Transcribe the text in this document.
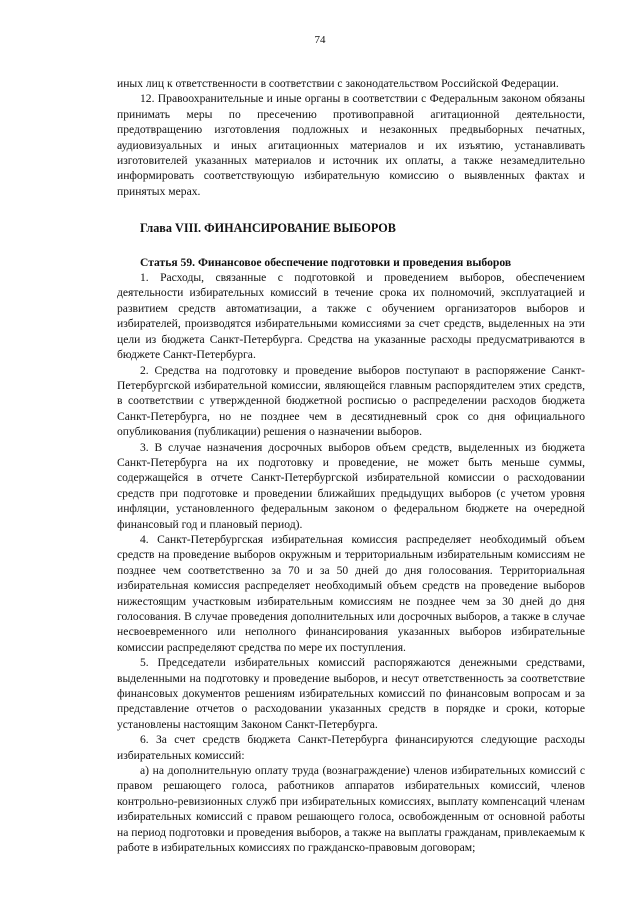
74

иных лиц к ответственности в соответствии с законодательством Российской Федерации.

12. Правоохранительные и иные органы в соответствии с Федеральным законом обязаны принимать меры по пресечению противоправной агитационной деятельности, предотвращению изготовления подложных и незаконных предвыборных печатных, аудиовизуальных и иных агитационных материалов и их изъятию, устанавливать изготовителей указанных материалов и источник их оплаты, а также незамедлительно информировать соответствующую избирательную комиссию о выявленных фактах и принятых мерах.

Глава VIII. ФИНАНСИРОВАНИЕ ВЫБОРОВ
Статья 59. Финансовое обеспечение подготовки и проведения выборов

1. Расходы, связанные с подготовкой и проведением выборов, обеспечением деятельности избирательных комиссий в течение срока их полномочий, эксплуатацией и развитием средств автоматизации, а также с обучением организаторов выборов и избирателей, производятся избирательными комиссиями за счет средств, выделенных на эти цели из бюджета Санкт-Петербурга. Средства на указанные расходы предусматриваются в бюджете Санкт-Петербурга.

2. Средства на подготовку и проведение выборов поступают в распоряжение Санкт-Петербургской избирательной комиссии, являющейся главным распорядителем этих средств, в соответствии с утвержденной бюджетной росписью о распределении расходов бюджета Санкт-Петербурга, но не позднее чем в десятидневный срок со дня официального опубликования (публикации) решения о назначении выборов.

3. В случае назначения досрочных выборов объем средств, выделенных из бюджета Санкт-Петербурга на их подготовку и проведение, не может быть меньше суммы, содержащейся в отчете Санкт-Петербургской избирательной комиссии о расходовании средств при подготовке и проведении ближайших предыдущих выборов (с учетом уровня инфляции, установленного федеральным законом о федеральном бюджете на очередной финансовый год и плановый период).

4. Санкт-Петербургская избирательная комиссия распределяет необходимый объем средств на проведение выборов окружным и территориальным избирательным комиссиям не позднее чем соответственно за 70 и за 50 дней до дня голосования. Территориальная избирательная комиссия распределяет необходимый объем средств на проведение выборов нижестоящим участковым избирательным комиссиям не позднее чем за 30 дней до дня голосования. В случае проведения дополнительных или досрочных выборов, а также в случае несвоевременного или неполного финансирования указанных выборов избирательные комиссии распределяют средства по мере их поступления.

5. Председатели избирательных комиссий распоряжаются денежными средствами, выделенными на подготовку и проведение выборов, и несут ответственность за соответствие финансовых документов решениям избирательных комиссий по финансовым вопросам и за представление отчетов о расходовании указанных средств в порядке и сроки, которые установлены настоящим Законом Санкт-Петербурга.

6. За счет средств бюджета Санкт-Петербурга финансируются следующие расходы избирательных комиссий:

а) на дополнительную оплату труда (вознаграждение) членов избирательных комиссий с правом решающего голоса, работников аппаратов избирательных комиссий, членов контрольно-ревизионных служб при избирательных комиссиях, выплату компенсаций членам избирательных комиссий с правом решающего голоса, освобожденным от основной работы на период подготовки и проведения выборов, а также на выплаты гражданам, привлекаемым к работе в избирательных комиссиях по гражданско-правовым договорам;
